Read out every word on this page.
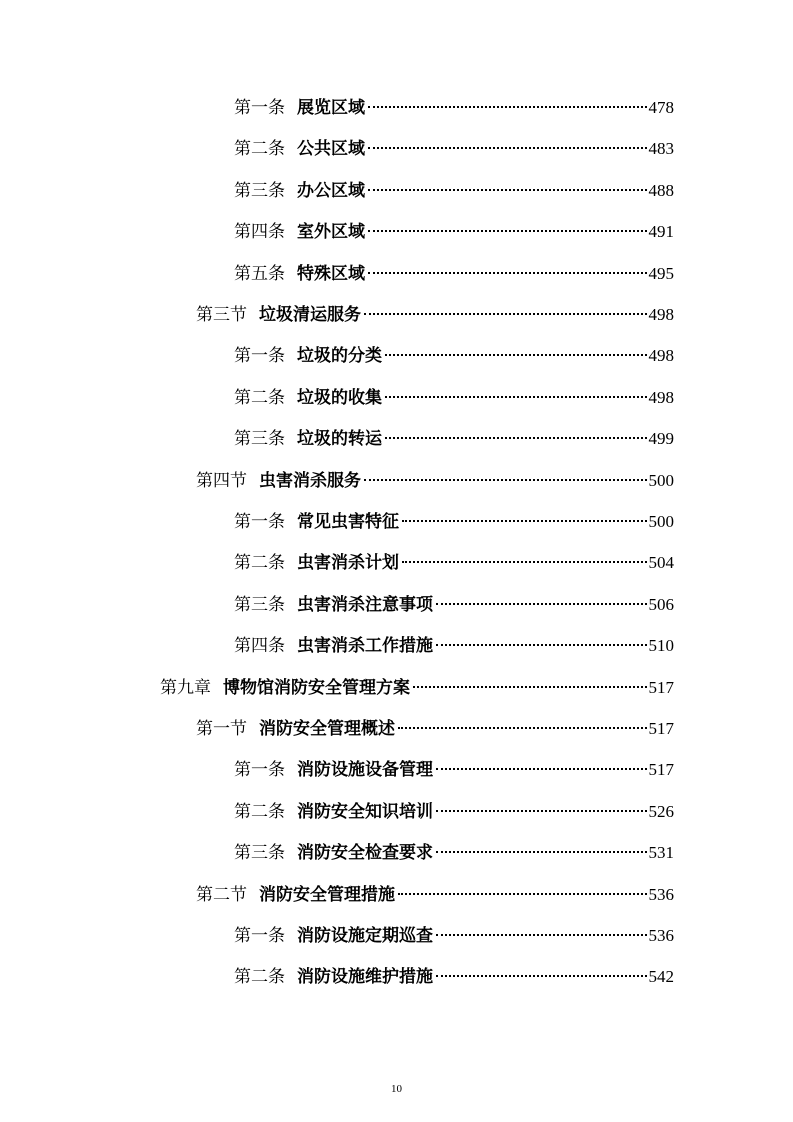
第一条 展览区域	478
第二条 公共区域	483
第三条 办公区域	488
第四条 室外区域	491
第五条 特殊区域	495
第三节 垃圾清运服务	498
第一条 垃圾的分类	498
第二条 垃圾的收集	498
第三条 垃圾的转运	499
第四节 虫害消杀服务	500
第一条 常见虫害特征	500
第二条 虫害消杀计划	504
第三条 虫害消杀注意事项	506
第四条 虫害消杀工作措施	510
第九章 博物馆消防安全管理方案	517
第一节 消防安全管理概述	517
第一条 消防设施设备管理	517
第二条 消防安全知识培训	526
第三条 消防安全检查要求	531
第二节 消防安全管理措施	536
第一条 消防设施定期巡查	536
第二条 消防设施维护措施	542
10
